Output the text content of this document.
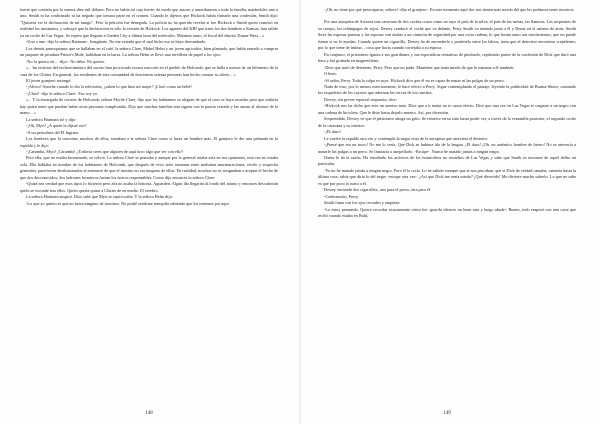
fuerte que contaría por lo menos diez mil dólares. Pero no había tal caja fuerte; de modo que atacon y amordazaron a toda la familia, matándoles uno a uno. Smith ni ha confirmado ni ha negado que tomara parte en el crimen. Cuando le dijeron que Hickock había firmado una confesión, Smith dijo: "Quisiera ver la declaración de mi amigo". Pero la petición fue denegada. La policía no ha querido revelar si fue Hickock o Smith quien cometió en realidad los asesinatos, y sobrayó que la declaración es sólo la versión de Hickock. Los agentes del KBI que traen los dos hombres a Kansas, han salido ya en coche de Las Vegas. Se espera que lleguen a Garden City a última hora del miércoles. Mientras tanto, el fiscal del distrito Duane West... »

-Uno a uno -dijo la señora Hartman-. Imagínate. No me extraña que el mal bicho ese se haya derrumbado.

Los demás parroquianos que se hallaban en el café, la señora Clare, Mabel Helm y un joven agricultor, bien plantado, que había entrado a comprar un paquete de picadura Prince's Mule, hablaban en la barra. La señora Helm se llevó una servilleta de papel a los ojos:

-No lo quiero oír... -dijo-. No debo. No quiero.

«... las noticias del esclarecimiento del suceso han provocado escasa reacción en el pueblo de Holcomb, que se halla a menos de un kilómetro de la casa de los Clutter. En general, los residentes de esta comunidad de doscientas setenta personas han hecho constar su alivio... »

El joven granjero rezongó:

-¡Alivio? Anoche cuando lo dio la televisión, ¿saben lo que hizo mi mujer? ¡Lloró como un bebé!

-¡Chist! -dijo la señora Clare-. Eso soy yo.

«... Y la encargada de correos de Holcomb, señora Myrtle Clare, dijo que los habitantes se alegran de que el caso se haya resuelto pero que todavía hay quien teme que puedan haber otras personas complicadas. Dijo que muchas familias aún siguen con la puerta cerrada y las armas al alcance de la mano... »

La señora Hartman rió y dijo:

-¡Oh, Myrt! ¿A quién le dijiste eso?

-A un periodista del El Ingram.

Los hombres que la conocían, muchos de ellos, tomaban a la señora Clare como si fuera un hombre más. El granjero le dio una palmada en la espalda y le dijo:

-¡Caramba, Myrt! ¡Caramba! ¿Todavía crees que alguien de aquí tuvo algo que ver con ello?

Pero ella, que no estaba bromeando, se volvió. La señora Clare se pensaba y aunque por lo general estaba sola en sus opiniones, esta vez no estaba sola. Ella hablaba en nombre de los habitantes de Holcomb, que después de vivir siete semanas entre malsanas murmuraciones, recelo y sospecha generales, parecieron desilusionados al enterarse de que el asesino no era ninguno de ellos. En realidad, muchos no se resignaban a aceptar el hecho de que dos desconocidos, dos ladrones forasteros fueran los únicos responsables. Como dijo entonces la señora Clare:

-Quizá sea verdad que esos tipos lo hicieron pero ahí no acaba la historia. Aguarden. Algún día llegarán al fondo del asunto y entonces descubrirán quién se esconde tras ellos. Quién quería quitar a Clutter de en medio. El cerebro.

La señora Hartman suspiró. Dios sabe que Myrt se equivocaba. Y la señora Helm dijo:

-Lo que yo quiero es que no fuera ninguno de nosotros. No podré sentirme tranquila sabiendo que los tenemos por aquí.

148

-¡Oh, no tiene por qué preocuparse, señora! -dijo el granjero-. En este momento aquí dos nos tienen más miedo del que les podamos tener nosotros.

Por una autopista de Arizona una caravana de dos coches cruza como un rayo el país de la selva, el país de las mesas, las llanuras. Las serpientes de su cuerpo, los relámpagos de rojos. Dewey conduce el coche que va delante, Perry Smith va sentado junto a él y Duntz en el asiento de atrás. Smith lleva las esposas puestas y las esposas van atadas a un cinturón de seguridad por una corta cadena, lo que limita tanto sus movimientos, que no puede fumar si no le ayudan. Cuando quiere un cigarrillo, Dewey ha de encenderlo y ponérselo entre los labios, tarea que al detective encuentra «repelente» por lo que tiene de íntimo... cosa que hacía cuando cortejaba a su esposa.

En conjunto, el prisionero ignora a sus guardianes y sus esporádicas tentativas de pincharlo, repitiendo partes de la confesión de Dick que duró una hora y fue grabada en magnetófono:

-Dice que trató de detenerte, Perry. Pero que no pudo. Mantiene que tenía miedo de que lo mataras a él también.

O bien:

-Sí señor, Perry. Toda la culpa es suya. Hickock dice que él no es capaz de matar ni las pulgas de un perro.

Nada de esto, por lo menos exteriormente, le hace efecto a Perry. Sigue contemplando el paisaje, leyendo la publicidad de Burma-Shave, contando los esqueletos de los coyotes que adornan las cercas de los ranchos.

Dewey, sin prever especial respuesta, dice:

-Hickock nos ha dicho que eres un asesino nato. Dice que a ti matar no te causa efecto. Dice que una vez en Las Vegas te cargaste a un negro con una cadena de bicicleta. Que le diste hasta dejarlo muerto. Así, por diversión.

Sorprendido, Dewey ve que el prisionero ahoga un grito. Se retuerce en su sitio hasta poder ver, a través de la ventanilla posterior, el segundo coche de la caravana y su interior:

-¡El duro!

Le vuelve la espalda otra vez y contempla la negra vista de la autopista que atraviesa el desierto:

-¡Pensé que era un truco! No me lo creía. Que Dick se hubiera ido de la lengua. ¡El duro! ¡Oh, un auténtico hombre de hierro! No se atrevería a matarle las pulgas a un perro. Se limitaría a atropellarlo. -Escupe-. Nunca he matado jamás a ningún negro.

Duntz le da la razón. Ha estudiado los archivos de los homicidios no resueltos de Las Vegas y sabe que Smith es inocente de aquel delito en particular.

-Yo no he matado jamás a ningún negro. Pero él lo creía. Lo he sabido siempre que si nos pescaban, que si Dick de verdad cantaba, cantaría hasta la última cosa, sabía que diría lo del negro -escupe otra vez-. ¿Así que Dick me tenía miedo? ¡Qué divertido! Me divierte mucho saberlo. Lo que no sabe es que por poco lo mato a él.

Dewey enciende dos cigarrillos, uno para el preso, otra para él.

-Cuéntanoslo, Perry.

Smith fuma con los ojos cerrados y empieza:

-Lo estoy pensando. Quiero recordar exactamente cómo fue -guarda silencio un buen rato y luego añade-: Bueno, todo empezó con una carta que recibí cuando estaba en Buhl,

149
